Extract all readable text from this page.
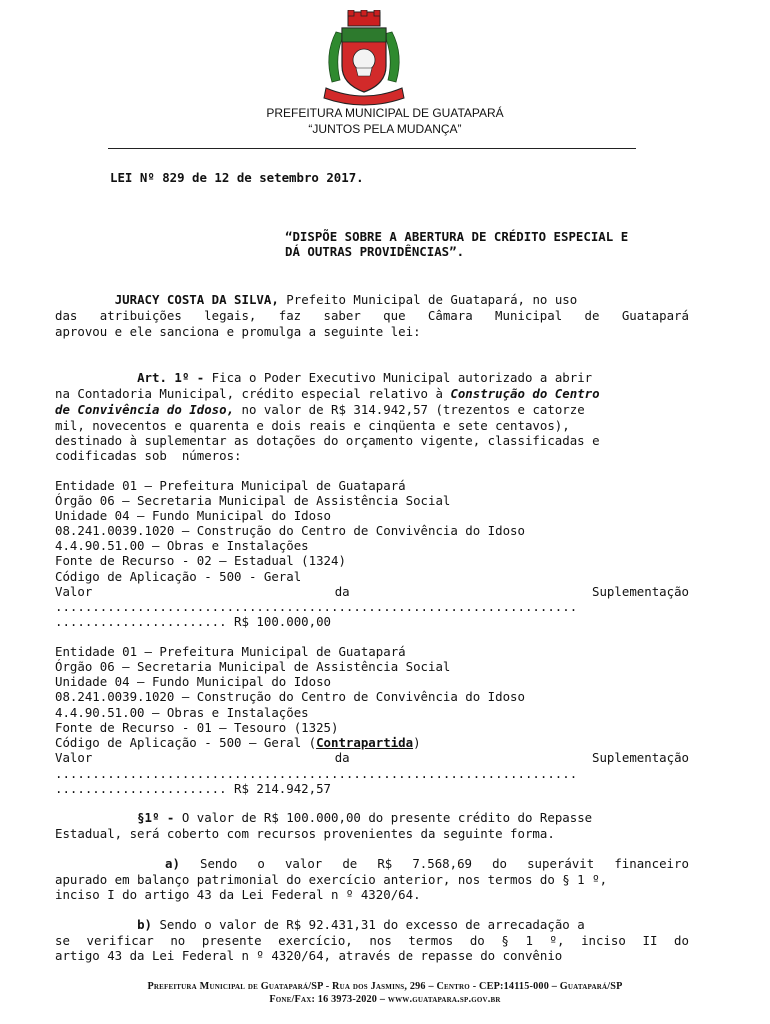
PREFEITURA MUNICIPAL DE GUATAPARÁ
“JUNTOS PELA MUDANÇA”
LEI Nº 829 de 12 de setembro 2017.
“DISPÕE SOBRE A ABERTURA DE CRÉDITO ESPECIAL E
DÁ OUTRAS PROVIDÊNCIAS”.
JURACY COSTA DA SILVA, Prefeito Municipal de Guatapará, no uso
das atribuições legais, faz saber que Câmara Municipal de Guatapará
aprovou e ele sanciona e promulga a seguinte lei:
Art. 1º - Fica o Poder Executivo Municipal autorizado a abrir
na Contadoria Municipal, crédito especial relativo à Construção do Centro
de Convivência do Idoso, no valor de R$ 314.942,57 (trezentos e catorze
mil, novecentos e quarenta e dois reais e cinqüenta e sete centavos),
destinado à suplementar as dotações do orçamento vigente, classificadas e
codificadas sob  números:
Entidade 01 – Prefeitura Municipal de Guatapará
Órgão 06 – Secretaria Municipal de Assistência Social
Unidade 04 – Fundo Municipal do Idoso
08.241.0039.1020 – Construção do Centro de Convivência do Idoso
4.4.90.51.00 – Obras e Instalações
Fonte de Recurso - 02 – Estadual (1324)
Código de Aplicação - 500 - Geral
Valor	da	Suplementação
......................................................................
....................... R$ 100.000,00
Entidade 01 – Prefeitura Municipal de Guatapará
Órgão 06 – Secretaria Municipal de Assistência Social
Unidade 04 – Fundo Municipal do Idoso
08.241.0039.1020 – Construção do Centro de Convivência do Idoso
4.4.90.51.00 – Obras e Instalações
Fonte de Recurso - 01 – Tesouro (1325)
Código de Aplicação - 500 – Geral (Contrapartida)
Valor	da	Suplementação
......................................................................
....................... R$ 214.942,57
§1º - O valor de R$ 100.000,00 do presente crédito do Repasse
Estadual, será coberto com recursos provenientes da seguinte forma.
a) Sendo o valor de R$ 7.568,69 do superávit financeiro
apurado em balanço patrimonial do exercício anterior, nos termos do § 1 º,
inciso I do artigo 43 da Lei Federal n º 4320/64.
b) Sendo o valor de R$ 92.431,31 do excesso de arrecadação a
se verificar no presente exercício, nos termos do § 1 º, inciso II do
artigo 43 da Lei Federal n º 4320/64, através de repasse do convênio
Prefeitura Municipal de Guatapará/SP - Rua dos Jasmins, 296 – Centro - CEP:14115-000 – Guatapará/SP
Fone/Fax: 16 3973-2020 – www.guatapara.sp.gov.br
